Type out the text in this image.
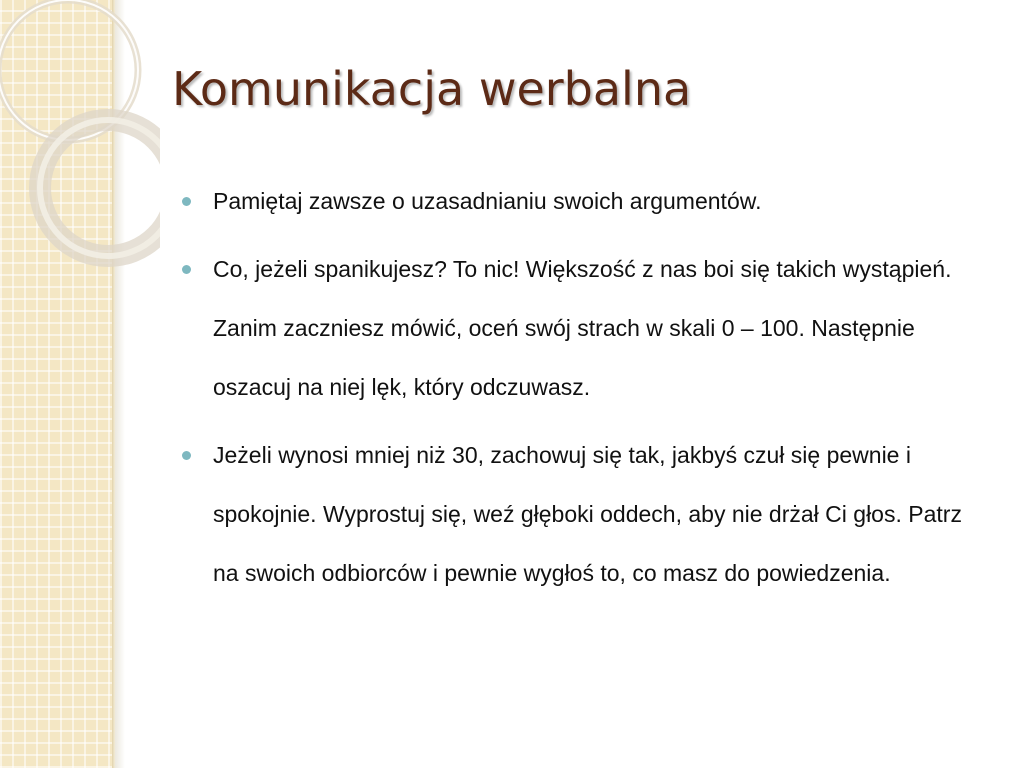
Komunikacja werbalna
Pamiętaj zawsze o uzasadnianiu swoich argumentów.
Co, jeżeli spanikujesz? To nic! Większość z nas boi się takich wystąpień. Zanim zaczniesz mówić, oceń swój strach w skali 0 – 100. Następnie oszacuj na niej lęk, który odczuwasz.
Jeżeli wynosi mniej niż 30, zachowuj się tak, jakbyś czuł się pewnie i spokojnie. Wyprostuj się, weź głęboki oddech, aby nie drżał Ci głos. Patrz na swoich odbiorców i pewnie wygłoś to, co masz do powiedzenia.
